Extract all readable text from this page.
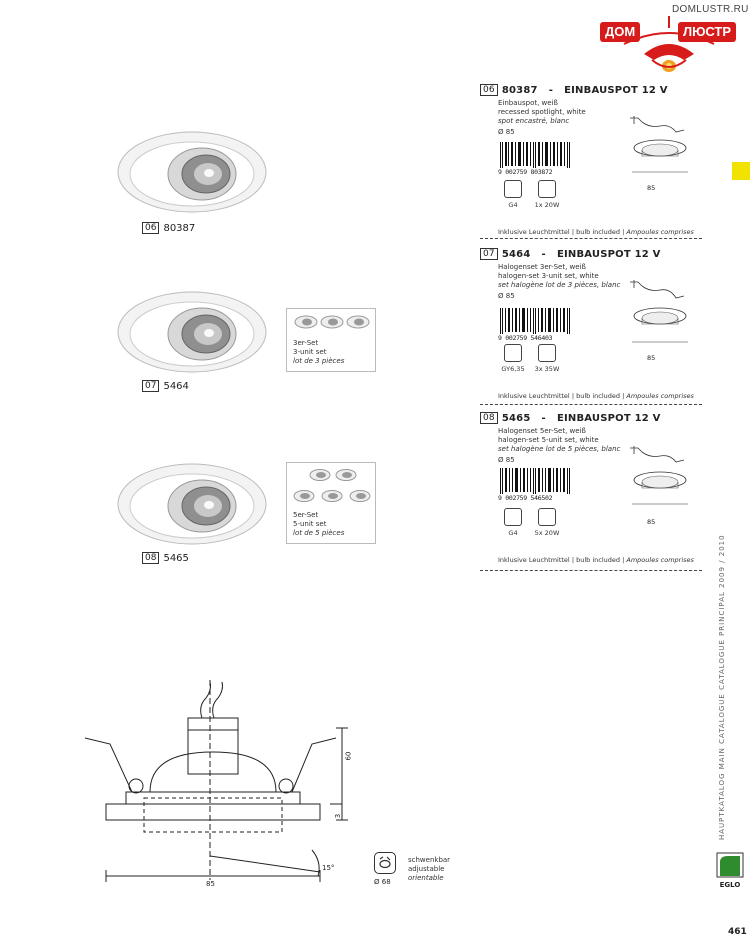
DOMLUSTR.RU
ДОМ	ЛЮСТР
06 80387
07 5464
3er-Set
3-unit set
lot de 3 pièces
08 5465
5er-Set
5-unit set
lot de 5 pièces
06 80387
-
EINBAUSPOT 12 V
Einbauspot, weiß
recessed spotlight, white
spot encastré, blanc
Ø 85
9 002759 803872
85
G4	1x 20W
Inklusive Leuchtmittel | bulb included | Ampoules comprises
07 5464
-
EINBAUSPOT 12 V
Halogenset 3er-Set, weiß
halogen-set 3-unit set, white
set halogène lot de 3 pièces, blanc
Ø 85
9 002759 546403
85
GY6,35	3x 35W
Inklusive Leuchtmittel | bulb included | Ampoules comprises
08 5465
-
EINBAUSPOT 12 V
Halogenset 5er-Set, weiß
halogen-set 5-unit set, white
set halogène lot de 5 pièces, blanc
Ø 85
9 002759 546502
85
G4	5x 20W
Inklusive Leuchtmittel | bulb included | Ampoules comprises
60
3
15°
85	Ø 68
schwenkbar
adjustable
orientable
HAUPTKATALOG MAIN CATALOGUE CATALOGUE PRINCIPAL 2009 / 2010
EGLO
461
